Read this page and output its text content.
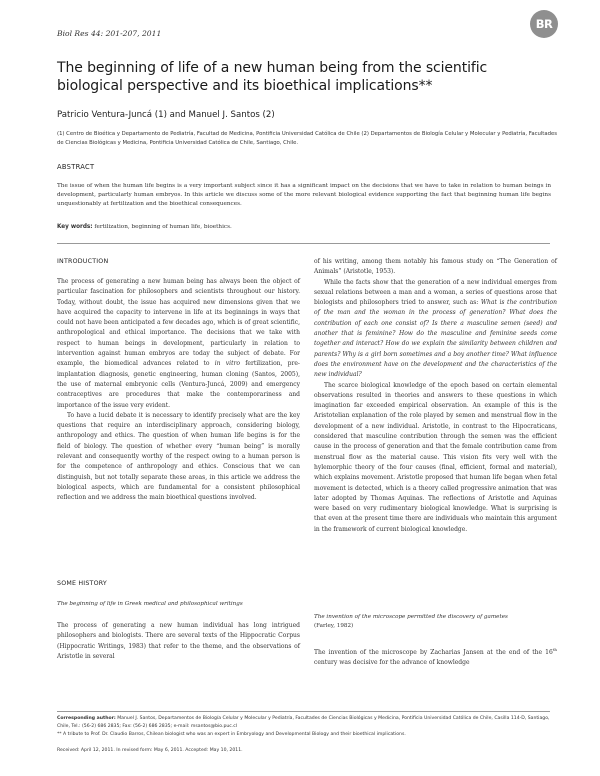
Biol Res 44: 201-207, 2011
BR
The beginning of life of a new human being from the scientific biological perspective and its bioethical implications**
Patricio Ventura-Juncá (1) and Manuel J. Santos (2)
(1) Centro de Bioética y Departamento de Pediatría, Facultad de Medicina, Pontificia Universidad Católica de Chile (2) Departamentos de Biología Celular y Molecular y Pediatría, Facultades de Ciencias Biológicas y Medicina, Pontificia Universidad Católica de Chile, Santiago, Chile.
ABSTRACT
The issue of when the human life begins is a very important subject since it has a significant impact on the decisions that we have to take in relation to human beings in development, particularly human embryos. In this article we discuss some of the more relevant biological evidence supporting the fact that beginning human life begins unquestionably at fertilization and the bioethical consequences.
Key words: fertilization, beginning of human life, bioethics.
INTRODUCTION

The process of generating a new human being has always been the object of particular fascination for philosophers and scientists throughout our history. Today, without doubt, the issue has acquired new dimensions given that we have acquired the capacity to intervene in life at its beginnings in ways that could not have been anticipated a few decades ago, which is of great scientific, anthropological and ethical importance. The decisions that we take with respect to human beings in development, particularly in relation to intervention against human embryos are today the subject of debate. For example, the biomedical advances related to in vitro fertilization, pre-implantation diagnosis, genetic engineering, human cloning (Santos, 2005), the use of maternal embryonic cells (Ventura-Juncá, 2009) and emergency contraceptives are procedures that make the contemporariness and importance of the issue very evident.

To have a lucid debate it is necessary to identify precisely what are the key questions that require an interdisciplinary approach, considering biology, anthropology and ethics. The question of when human life begins is for the field of biology. The question of whether every “human being” is morally relevant and consequently worthy of the respect owing to a human person is for the competence of anthropology and ethics. Conscious that we can distinguish, but not totally separate these areas, in this article we address the biological aspects, which are fundamental for a consistent philosophical reflection and we address the main bioethical questions involved.

SOME HISTORY
The beginning of life in Greek medical and philosophical writings

The process of generating a new human individual has long intrigued philosophers and biologists. There are several texts of the Hippocratic Corpus (Hippocratic Writings, 1983) that refer to the theme, and the observations of Aristotle in several

of his writing, among them notably his famous study on “The Generation of Animals” (Aristotle, 1953).

While the facts show that the generation of a new individual emerges from sexual relations between a man and a woman, a series of questions arose that biologists and philosophers tried to answer, such as: What is the contribution of the man and the woman in the process of generation? What does the contribution of each one consist of? Is there a masculine semen (seed) and another that is feminine? How do the masculine and feminine seeds come together and interact? How do we explain the similarity between children and parents? Why is a girl born sometimes and a boy another time? What influence does the environment have on the development and the characteristics of the new individual?

The scarce biological knowledge of the epoch based on certain elemental observations resulted in theories and answers to these questions in which imagination far exceeded empirical observation. An example of this is the Aristotelian explanation of the role played by semen and menstrual flow in the development of a new individual. Aristotle, in contrast to the Hipocraticans, considered that masculine contribution through the semen was the efficient cause in the process of generation and that the female contribution came from menstrual flow as the material cause. This vision fits very well with the hylemorphic theory of the four causes (final, efficient, formal and material), which explains movement. Aristotle proposed that human life began when fetal movement is detected, which is a theory called progressive animation that was later adopted by Thomas Aquinas. The reflections of Aristotle and Aquinas were based on very rudimentary biological knowledge. What is surprising is that even at the present time there are individuals who maintain this argument in the framework of current biological knowledge.

The invention of the microscope permitted the discovery of gametes
(Farley, 1982)

The invention of the microscope by Zacharias Jansen at the end of the 16th century was decisive for the advance of knowledge

Corresponding author: Manuel J. Santos, Departamentos de Biología Celular y Molecular y Pediatría, Facultades de Ciencias Biológicas y Medicina, Pontificia Universidad Católica de Chile, Casilla 114-D, Santiago, Chile, Tel.: (56-2) 686 2835; Fax: (56-2) 686 2835; e-mail: msantos@bio.puc.cl
** A tribute to Prof. Dr. Claudio Barros, Chilean biologist who was an expert in Embryology and Developmental Biology and their bioethical implications.
Received: April 12, 2011. In revised form: May 6, 2011. Accepted: May 10, 2011.
